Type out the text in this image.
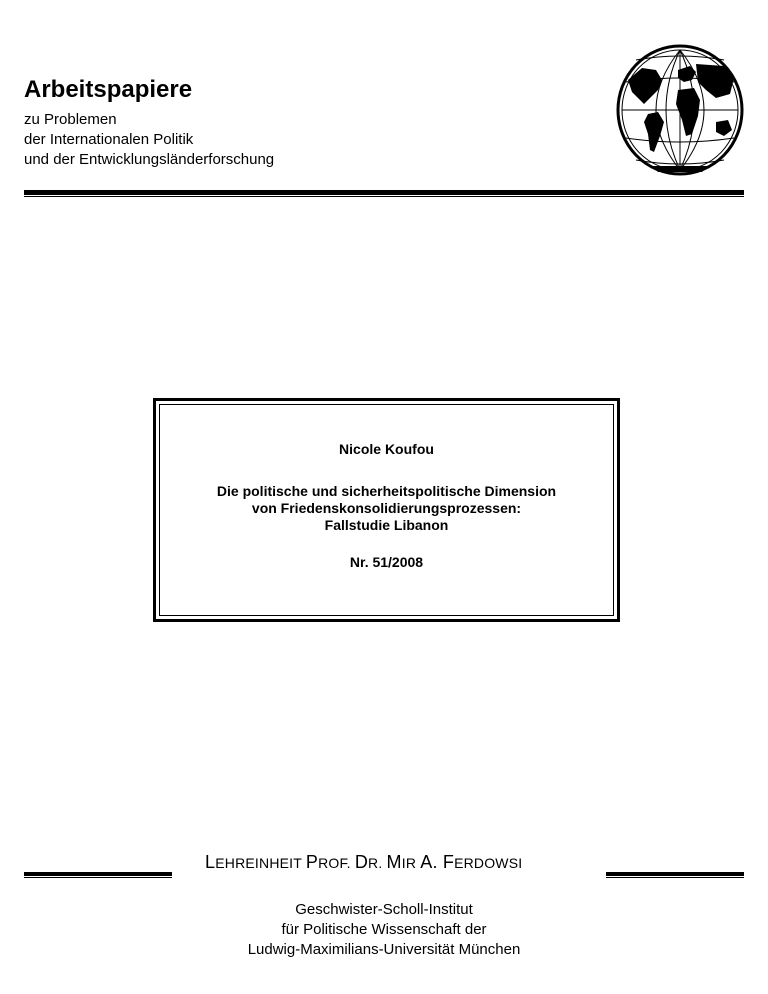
Arbeitspapiere
zu Problemen
der Internationalen Politik
und der Entwicklungsländerforschung
Nicole Koufou
Die politische und sicherheitspolitische Dimension
von Friedenskonsolidierungsprozessen:
Fallstudie Libanon
Nr. 51/2008
LEHREINHEIT PROF. DR. MIR A. FERDOWSI
Geschwister-Scholl-Institut
für Politische Wissenschaft der
Ludwig-Maximilians-Universität München
